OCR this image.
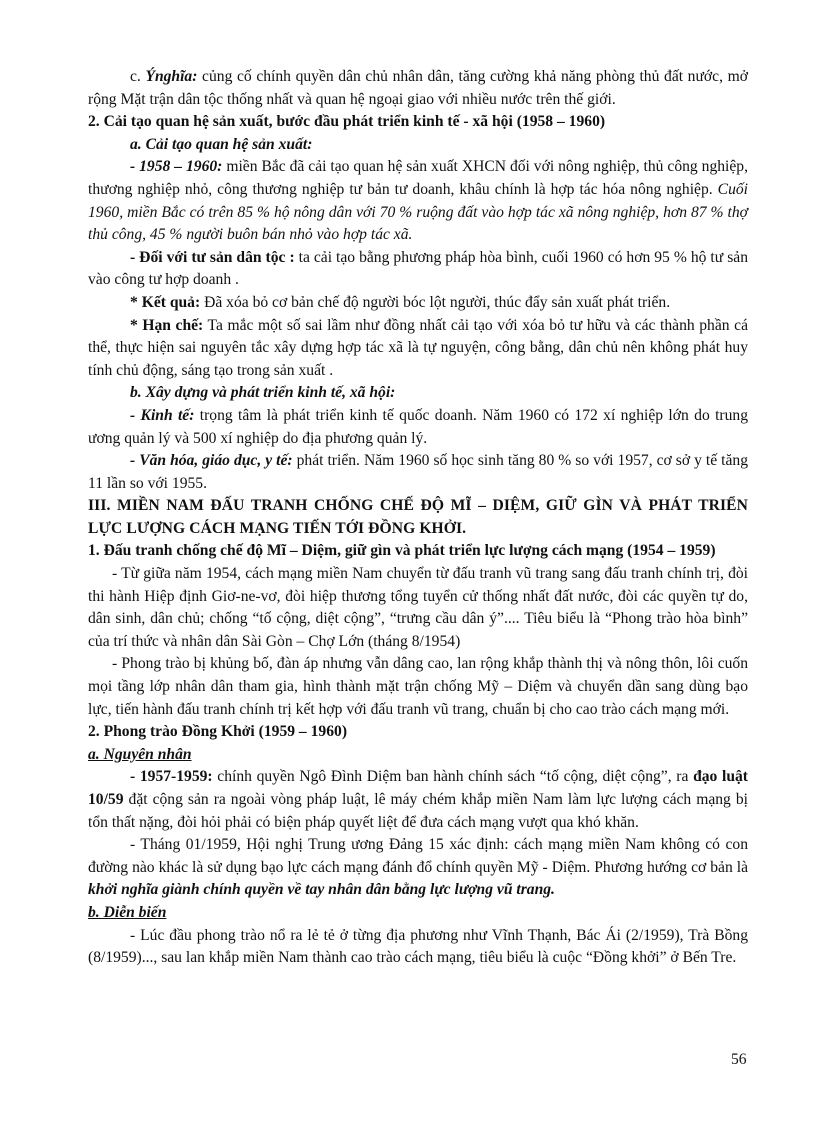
c. Ýnghĩa: củng cố chính quyền dân chủ nhân dân, tăng cường khả năng phòng thủ đất nước, mở rộng Mặt trận dân tộc thống nhất và quan hệ ngoại giao với nhiều nước trên thế giới.

2. Cải tạo quan hệ sản xuất, bước đầu phát triển kinh tế - xã hội (1958 – 1960)

a. Cải tạo quan hệ sản xuất:

- 1958 – 1960: miền Bắc đã cải tạo quan hệ sản xuất XHCN đối với nông nghiệp, thủ công nghiệp, thương nghiệp nhỏ, công thương nghiệp tư bản tư doanh, khâu chính là hợp tác hóa nông nghiệp. Cuối 1960, miền Bắc có trên 85 % hộ nông dân với 70 % ruộng đất vào hợp tác xã nông nghiệp, hơn 87 % thợ thủ công, 45 % người buôn bán nhỏ vào hợp tác xã.

- Đối với tư sản dân tộc : ta cải tạo bằng phương pháp hòa bình, cuối 1960 có hơn 95 % hộ tư sản vào công tư hợp doanh .

* Kết quả: Đã xóa bỏ cơ bản chế độ người bóc lột người, thúc đẩy sản xuất phát triển.

* Hạn chế: Ta mắc một số sai lầm như đồng nhất cải tạo với xóa bỏ tư hữu và các thành phần cá thể, thực hiện sai nguyên tắc xây dựng hợp tác xã là tự nguyện, công bằng, dân chủ nên không phát huy tính chủ động, sáng tạo trong sản xuất .

b. Xây dựng và phát triển kinh tế, xã hội:

- Kinh tế: trọng tâm là phát triển kinh tế quốc doanh. Năm 1960 có 172 xí nghiệp lớn do trung ương quản lý và 500 xí nghiệp do địa phương quản lý.

- Văn hóa, giáo dục, y tế: phát triển. Năm 1960 số học sinh tăng 80 % so với 1957, cơ sở y tế tăng 11 lần so với 1955.

III. MIỀN NAM ĐẤU TRANH CHỐNG CHẾ ĐỘ MĨ – DIỆM, GIỮ GÌN VÀ PHÁT TRIỂN LỰC LƯỢNG CÁCH MẠNG TIẾN TỚI ĐỒNG KHỞI.

1. Đấu tranh chống chế độ Mĩ – Diệm, giữ gìn và phát triển lực lượng cách mạng (1954 – 1959)

- Từ giữa năm 1954, cách mạng miền Nam chuyển từ đấu tranh vũ trang sang đấu tranh chính trị, đòi thi hành Hiệp định Giơ-ne-vơ, đòi hiệp thương tổng tuyển cử thống nhất đất nước, đòi các quyền tự do, dân sinh, dân chủ; chống “tố cộng, diệt cộng”, “trưng cầu dân ý”.... Tiêu biểu là “Phong trào hòa bình” của trí thức và nhân dân Sài Gòn – Chợ Lớn (tháng 8/1954)

- Phong trào bị khủng bố, đàn áp nhưng vẫn dâng cao, lan rộng khắp thành thị và nông thôn, lôi cuốn mọi tầng lớp nhân dân tham gia, hình thành mặt trận chống Mỹ – Diệm và chuyển dần sang dùng bạo lực, tiến hành đấu tranh chính trị kết hợp với đấu tranh vũ trang, chuẩn bị cho cao trào cách mạng mới.

2. Phong trào Đồng Khởi (1959 – 1960)

a. Nguyên nhân

- 1957-1959: chính quyền Ngô Đình Diệm ban hành chính sách “tố cộng, diệt cộng”, ra đạo luật 10/59 đặt cộng sản ra ngoài vòng pháp luật, lê máy chém khắp miền Nam làm lực lượng cách mạng bị tổn thất nặng, đòi hỏi phải có biện pháp quyết liệt để đưa cách mạng vượt qua khó khăn.

- Tháng 01/1959, Hội nghị Trung ương Đảng 15 xác định: cách mạng miền Nam không có con đường nào khác là sử dụng bạo lực cách mạng đánh đổ chính quyền Mỹ - Diệm. Phương hướng cơ bản là khởi nghĩa giành chính quyền về tay nhân dân bằng lực lượng vũ trang.

b. Diễn biến

- Lúc đầu phong trào nổ ra lẻ tẻ ở từng địa phương như Vĩnh Thạnh, Bác Ái (2/1959), Trà Bồng (8/1959)..., sau lan khắp miền Nam thành cao trào cách mạng, tiêu biểu là cuộc “Đồng khởi” ở Bến Tre.

56
